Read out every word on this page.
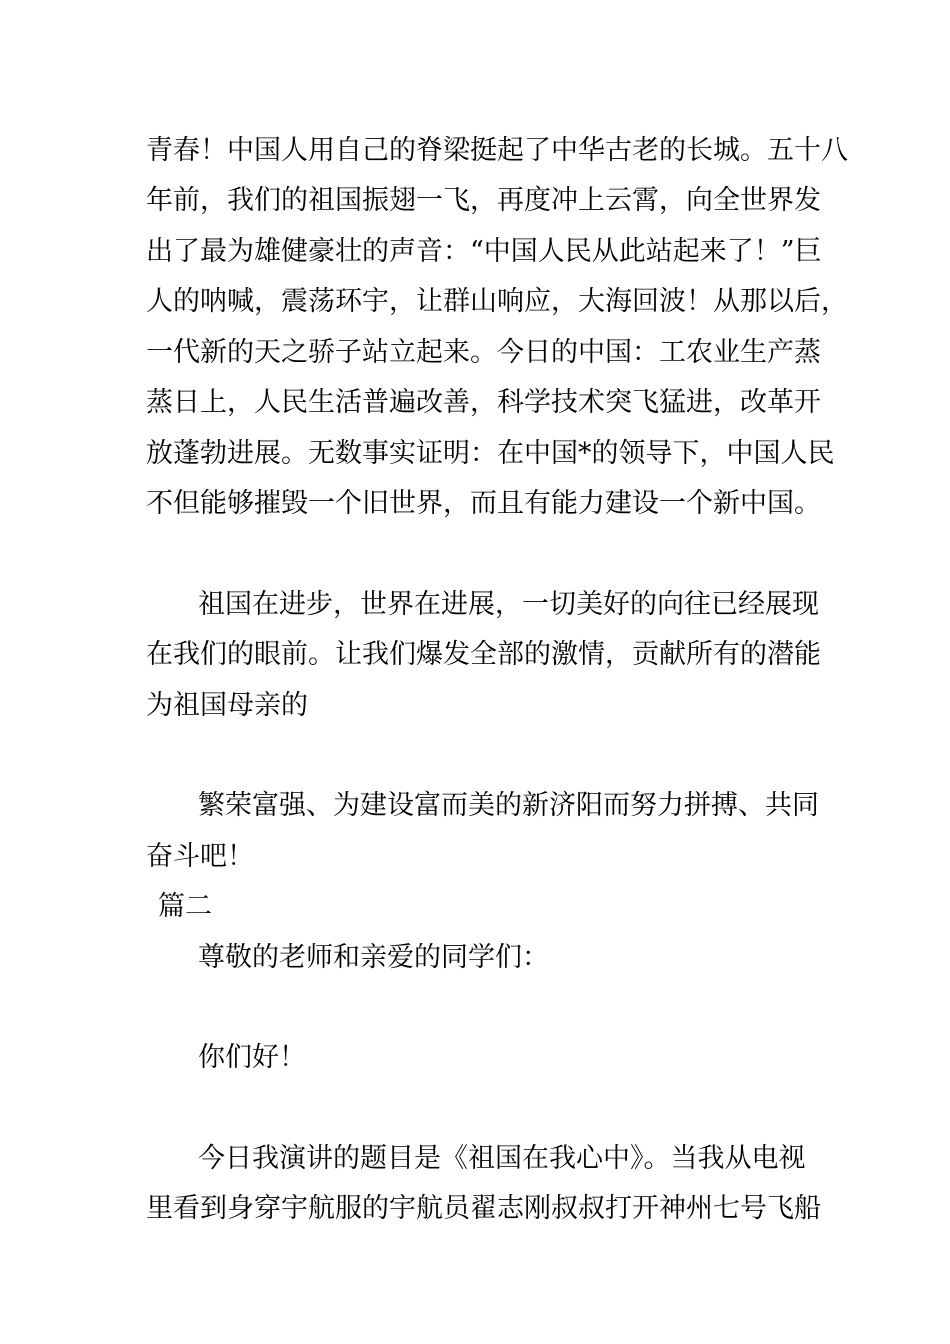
青春！中国人用自己的脊梁挺起了中华古老的长城。五十八
年前，我们的祖国振翅一飞，再度冲上云霄，向全世界发
出了最为雄健豪壮的声音：“中国人民从此站起来了！”巨
人的呐喊，震荡环宇，让群山响应，大海回波！从那以后，
一代新的天之骄子站立起来。今日的中国：工农业生产蒸
蒸日上，人民生活普遍改善，科学技术突飞猛进，改革开
放蓬勃进展。无数事实证明：在中国*的领导下，中国人民
不但能够摧毁一个旧世界，而且有能力建设一个新中国。
祖国在进步，世界在进展，一切美好的向往已经展现
在我们的眼前。让我们爆发全部的激情，贡献所有的潜能
为祖国母亲的
繁荣富强、为建设富而美的新济阳而努力拼搏、共同
奋斗吧！
篇二
尊敬的老师和亲爱的同学们：
你们好！
今日我演讲的题目是《祖国在我心中》。当我从电视
里看到身穿宇航服的宇航员翟志刚叔叔打开神州七号飞船
